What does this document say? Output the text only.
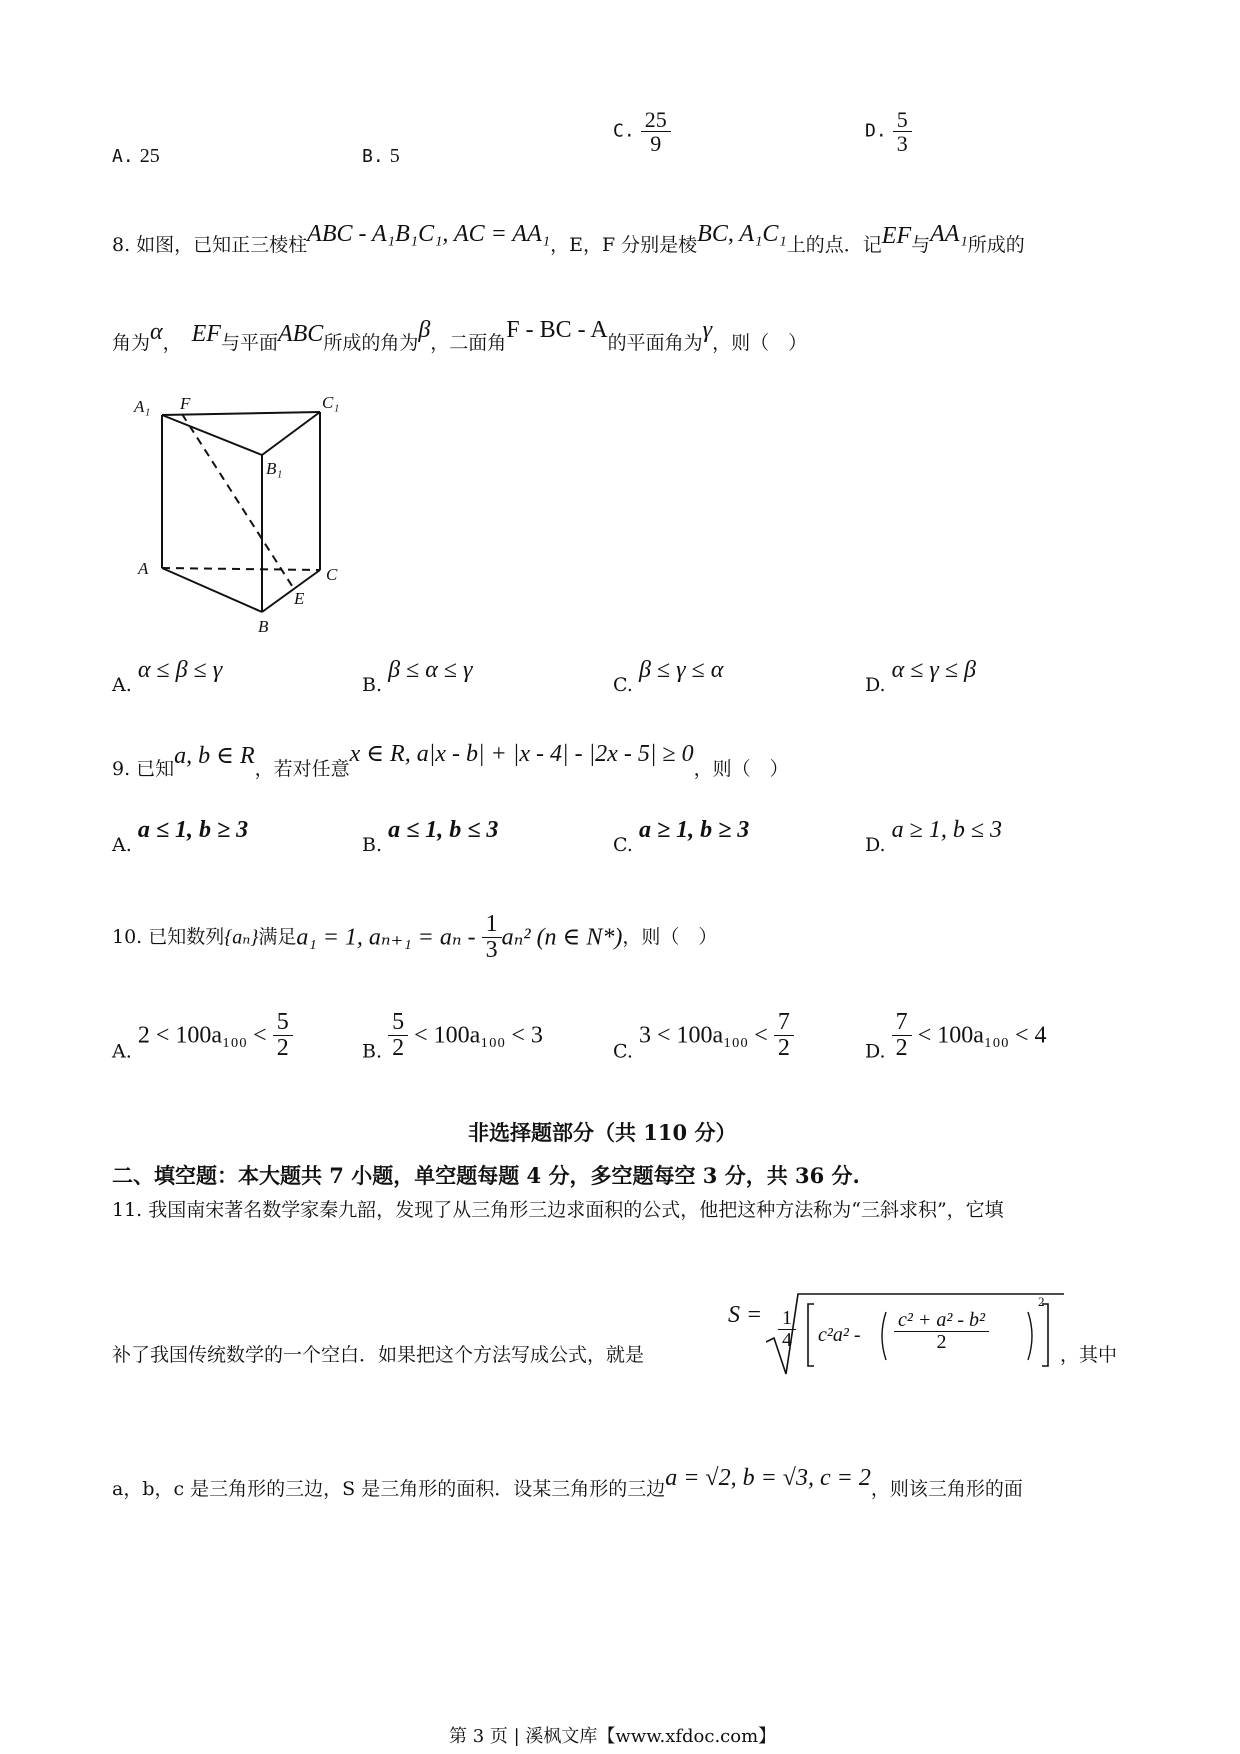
A. 25	B. 5
C. $\frac{25}{9}$	D. $\frac{5}{3}$
8. 如图，已知正三棱柱ABC - A₁B₁C₁, AC = AA₁，E，F 分别是棱BC, A₁C₁上的点．记EF与AA₁所成的
角为α， EF与平面ABC所成的角为β，二面角F - BC - A的平面角为γ，则（　）
A₁ F	C₁
B₁
A	C
E
B
A. α ≤ β ≤ γ
B. β ≤ α ≤ γ
C. β ≤ γ ≤ α
D. α ≤ γ ≤ β
9. 已知a, b ∈ R，若对任意x ∈ R, a|x - b| + |x - 4| - |2x - 5| ≥ 0，则（　）
A. a ≤ 1, b ≥ 3
B. a ≤ 1, b ≤ 3
C. a ≥ 1, b ≥ 3
D. a ≥ 1, b ≤ 3
10. 已知数列{aₙ}满足a₁ = 1, $a_{n+1} = a_n - \frac{1}{3} a_n^2$ (n ∈ N*)，则（　）
A. $2 < 100a_{100} < \frac{5}{2}$	B. $\frac{5}{2} < 100a_{100} < 3$
C. $3 < 100a_{100} < \frac{7}{2}$	D. $\frac{7}{2} < 100a_{100} < 4$
非选择题部分（共 110 分）
二、填空题：本大题共 7 小题，单空题每题 4 分，多空题每空 3 分，共 36 分.
11. 我国南宋著名数学家秦九韶，发现了从三角形三边求面积的公式，他把这种方法称为“三斜求积”，它填
补了我国传统数学的一个空白．如果把这个方法写成公式，就是
$S = \frac{1}{4} c^2a^2 - \frac{\text{c² + a² - b²}}{2}$
2
，其中
a，b，c 是三角形的三边，S 是三角形的面积．设某三角形的三边a = √2, b = √3, c = 2，则该三角形的面
第 3 页 | 溪枫文库【www.xfdoc.com】
